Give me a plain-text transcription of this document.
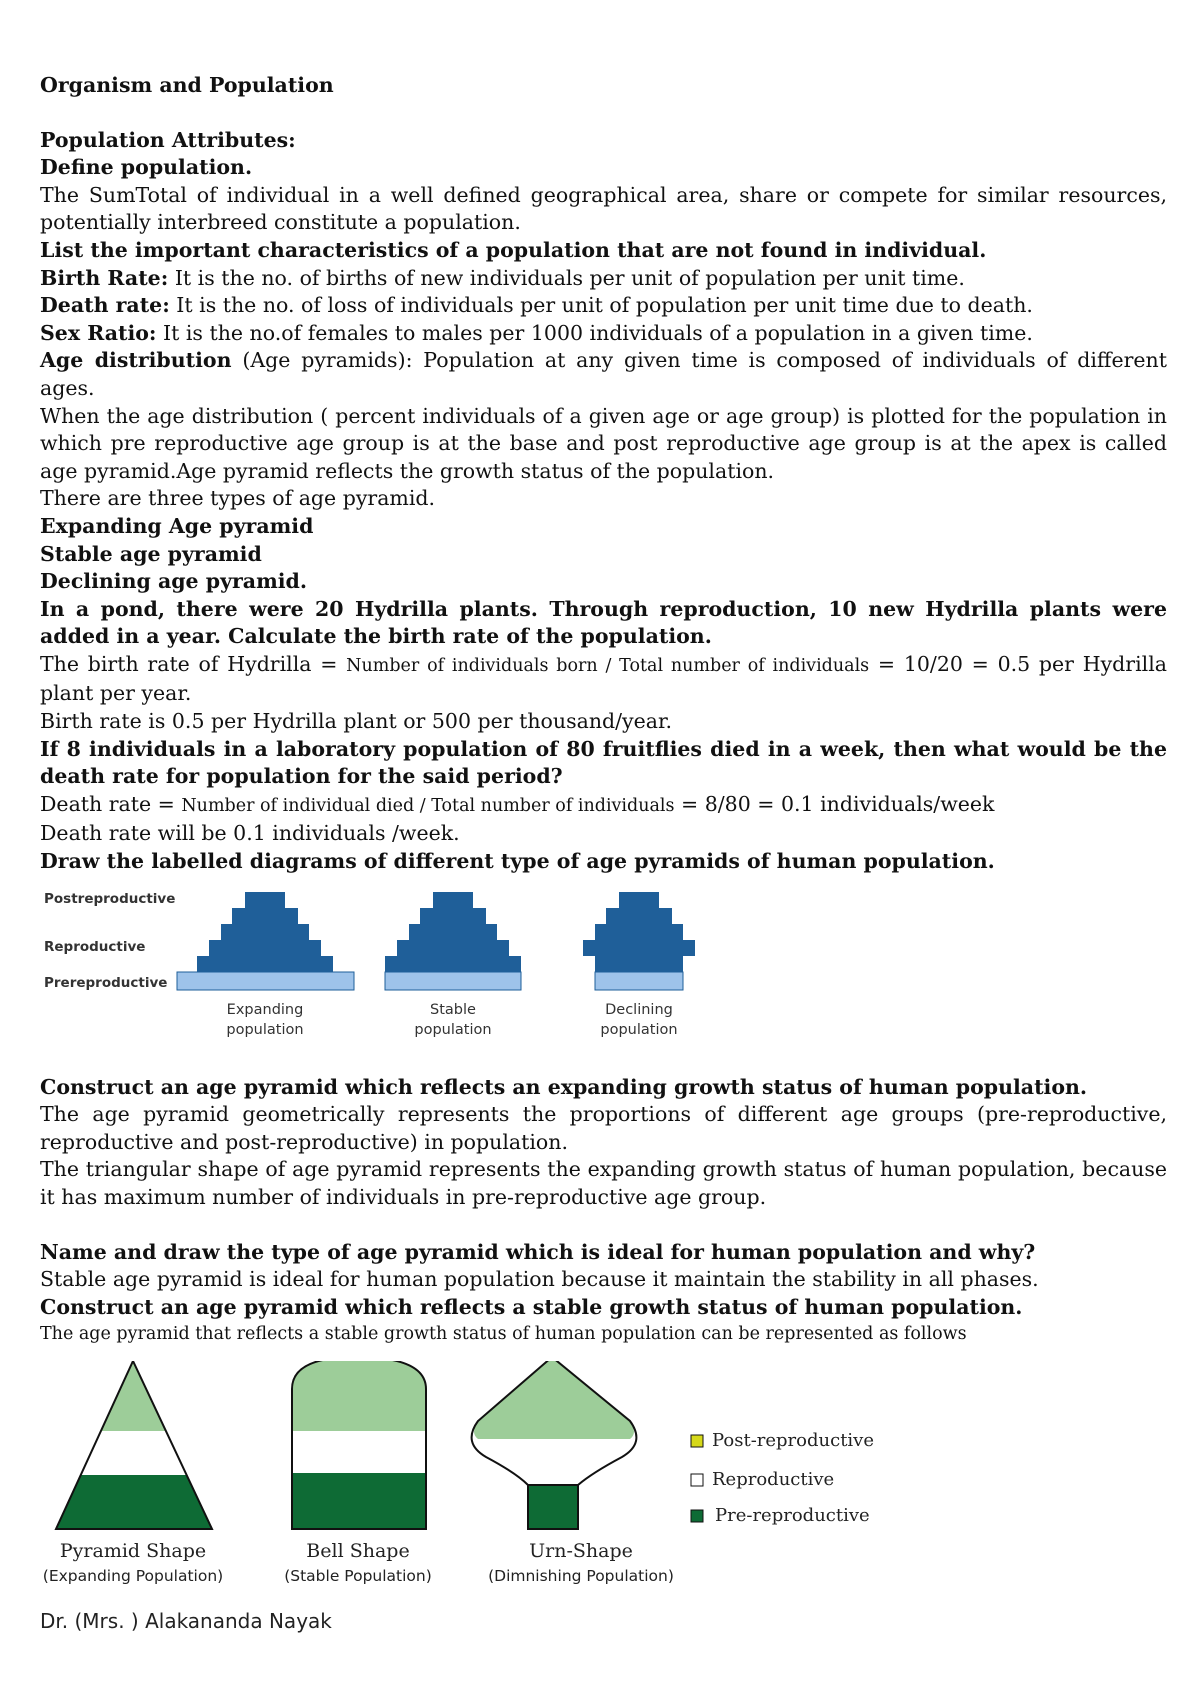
Organism and Population

Population Attributes:

Define population.

The SumTotal of individual in a well defined geographical area, share or compete for similar resources, potentially interbreed constitute a population.

List the important characteristics of a population that are not found in individual.

Birth Rate: It is the no. of births of new individuals per unit of population per unit time.

Death rate: It is the no. of loss of individuals per unit of population per unit time due to death.

Sex Ratio: It is the no.of females to males per 1000 individuals of a population in a given time.

Age distribution (Age pyramids): Population at any given time is composed of individuals of different ages.

When the age distribution ( percent individuals of a given age or age group) is plotted for the population in which pre reproductive age group is at the base and post reproductive age group is at the apex is called age pyramid.Age pyramid reflects the growth status of the population.

There are three types of age pyramid.

Expanding Age pyramid

Stable age pyramid

Declining age pyramid.

In a pond, there were 20 Hydrilla plants. Through reproduction, 10 new Hydrilla plants were added in a year. Calculate the birth rate of the population.

The birth rate of Hydrilla = Number of individuals born / Total number of individuals = 10/20 = 0.5 per Hydrilla plant per year.

Birth rate is 0.5 per Hydrilla plant or 500 per thousand/year.

If 8 individuals in a laboratory population of 80 fruitflies died in a week, then what would be the death rate for population for the said period?

Death rate = Number of individual died / Total number of individuals = 8/80 = 0.1 individuals/week

Death rate will be 0.1 individuals /week.

Draw the labelled diagrams of different type of age pyramids of human population.

Postreproductive
Reproductive
Prereproductive
Expanding
population
Stable
population
Declining
population

Construct an age pyramid which reflects an expanding growth status of human population.

The age pyramid geometrically represents the proportions of different age groups (pre-reproductive, reproductive and post-reproductive) in population.

The triangular shape of age pyramid represents the expanding growth status of human population, because it has maximum number of individuals in pre-reproductive age group.

Name and draw the type of age pyramid which is ideal for human population and why?

Stable age pyramid is ideal for human population because it maintain the stability in all phases.

Construct an age pyramid which reflects a stable growth status of human population.

The age pyramid that reflects a stable growth status of human population can be represented as follows

Pyramid Shape
(Expanding Population)
Bell Shape
(Stable Population)
Urn-Shape
(Dimnishing Population)
Post-reproductive
Reproductive
Pre-reproductive
Dr. (Mrs. ) Alakananda Nayak
